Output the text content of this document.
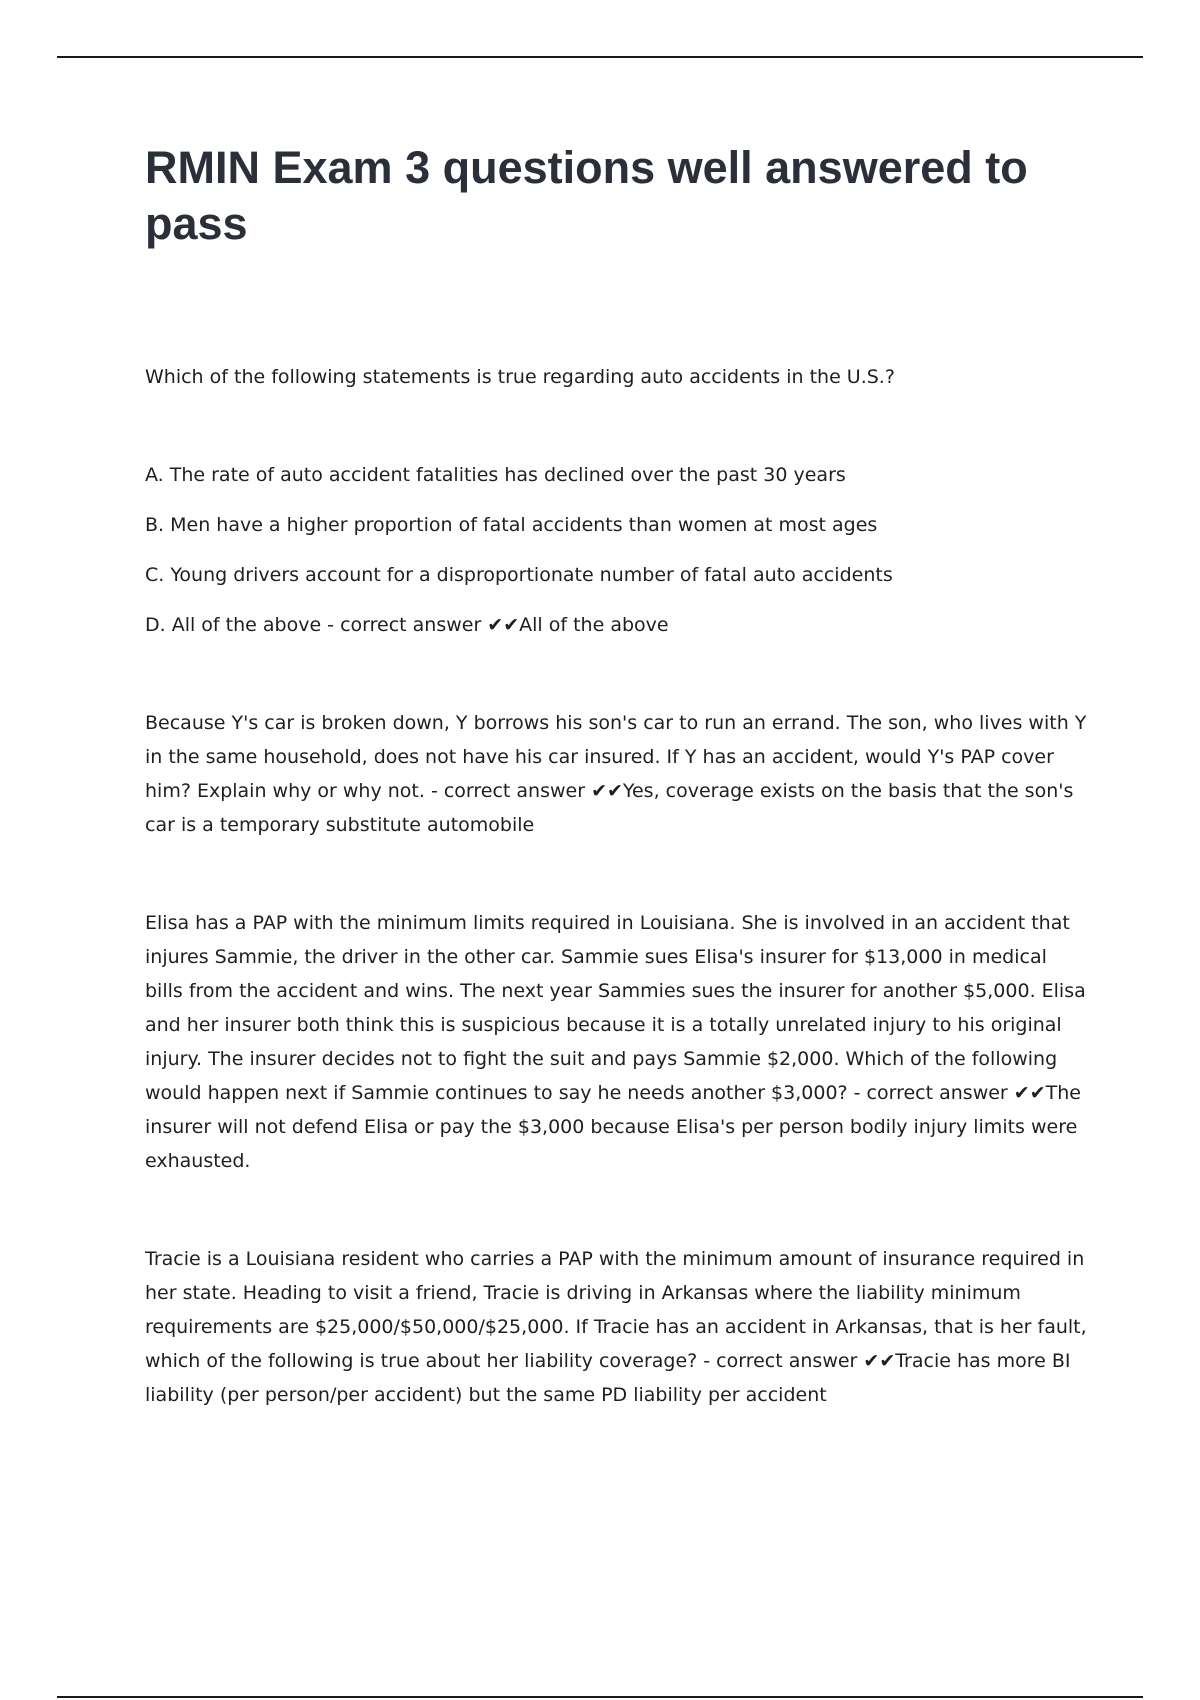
RMIN Exam 3 questions well answered to pass

Which of the following statements is true regarding auto accidents in the U.S.?

A. The rate of auto accident fatalities has declined over the past 30 years

B. Men have a higher proportion of fatal accidents than women at most ages

C. Young drivers account for a disproportionate number of fatal auto accidents

D. All of the above - correct answer ✔✔All of the above

Because Y's car is broken down, Y borrows his son's car to run an errand. The son, who lives with Y in the same household, does not have his car insured. If Y has an accident, would Y's PAP cover him? Explain why or why not. - correct answer ✔✔Yes, coverage exists on the basis that the son's car is a temporary substitute automobile

Elisa has a PAP with the minimum limits required in Louisiana. She is involved in an accident that injures Sammie, the driver in the other car. Sammie sues Elisa's insurer for $13,000 in medical bills from the accident and wins. The next year Sammies sues the insurer for another $5,000. Elisa and her insurer both think this is suspicious because it is a totally unrelated injury to his original injury. The insurer decides not to fight the suit and pays Sammie $2,000. Which of the following would happen next if Sammie continues to say he needs another $3,000? - correct answer ✔✔The insurer will not defend Elisa or pay the $3,000 because Elisa's per person bodily injury limits were exhausted.

Tracie is a Louisiana resident who carries a PAP with the minimum amount of insurance required in her state. Heading to visit a friend, Tracie is driving in Arkansas where the liability minimum requirements are $25,000/$50,000/$25,000. If Tracie has an accident in Arkansas, that is her fault, which of the following is true about her liability coverage? - correct answer ✔✔Tracie has more BI liability (per person/per accident) but the same PD liability per accident
